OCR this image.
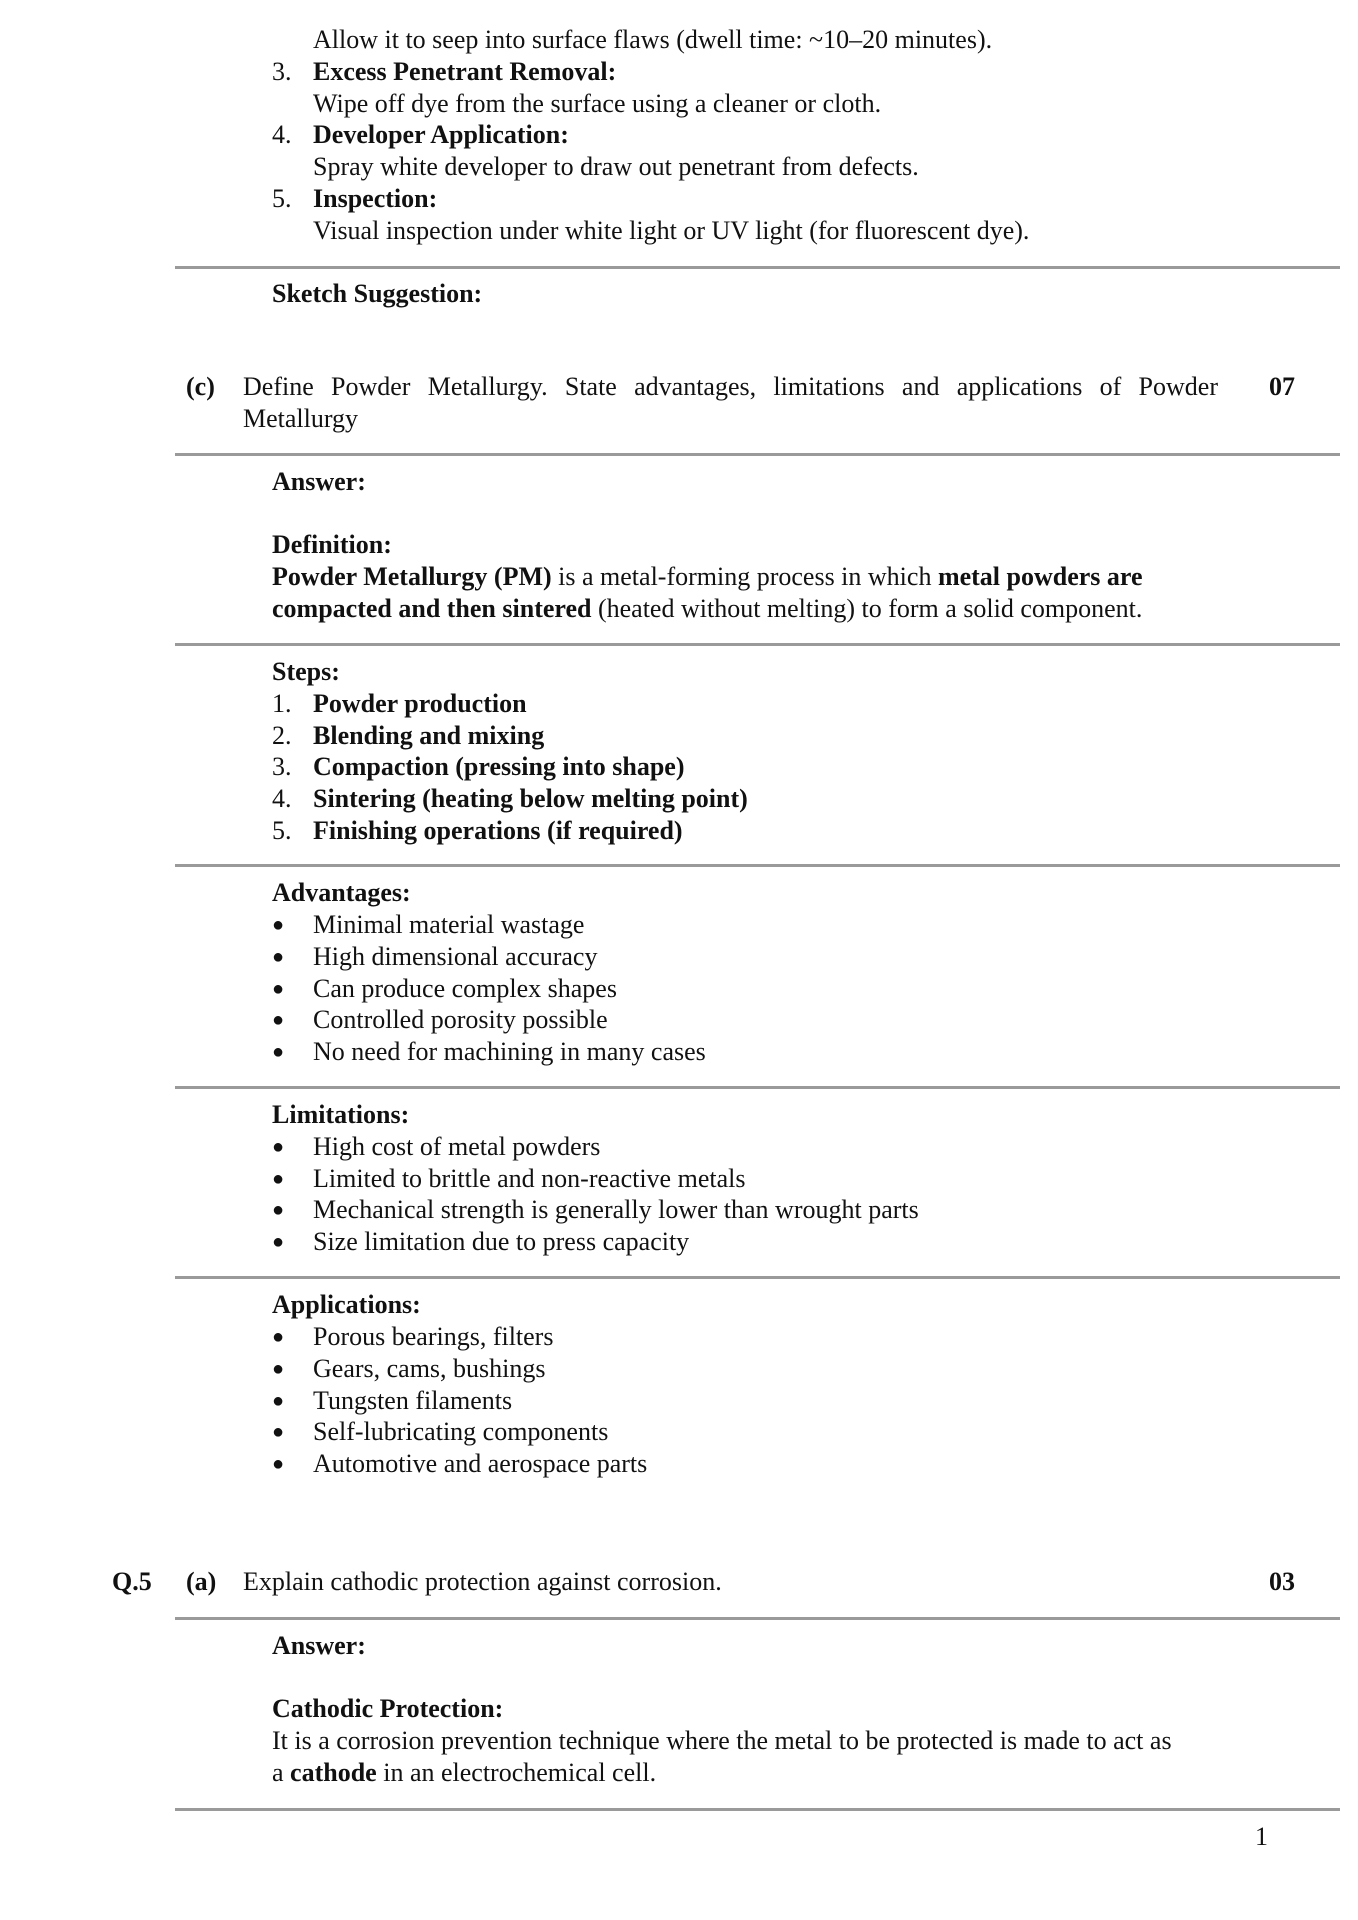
Allow it to seep into surface flaws (dwell time: ~10–20 minutes).
3. Excess Penetrant Removal:
Wipe off dye from the surface using a cleaner or cloth.
4. Developer Application:
Spray white developer to draw out penetrant from defects.
5. Inspection:
Visual inspection under white light or UV light (for fluorescent dye).
Sketch Suggestion:
(c) Define Powder Metallurgy. State advantages, limitations and applications of Powder
Metallurgy
07
Answer:
Definition:
Powder Metallurgy (PM) is a metal-forming process in which metal powders are
compacted and then sintered (heated without melting) to form a solid component.
Steps:
1. Powder production
2. Blending and mixing
3. Compaction (pressing into shape)
4. Sintering (heating below melting point)
5. Finishing operations (if required)
Advantages:
● Minimal material wastage
● High dimensional accuracy
● Can produce complex shapes
● Controlled porosity possible
● No need for machining in many cases
Limitations:
● High cost of metal powders
● Limited to brittle and non-reactive metals
● Mechanical strength is generally lower than wrought parts
● Size limitation due to press capacity
Applications:
● Porous bearings, filters
● Gears, cams, bushings
● Tungsten filaments
● Self-lubricating components
● Automotive and aerospace parts
Q.5 (a) Explain cathodic protection against corrosion.	03
Answer:
Cathodic Protection:
It is a corrosion prevention technique where the metal to be protected is made to act as
a cathode in an electrochemical cell.
1
